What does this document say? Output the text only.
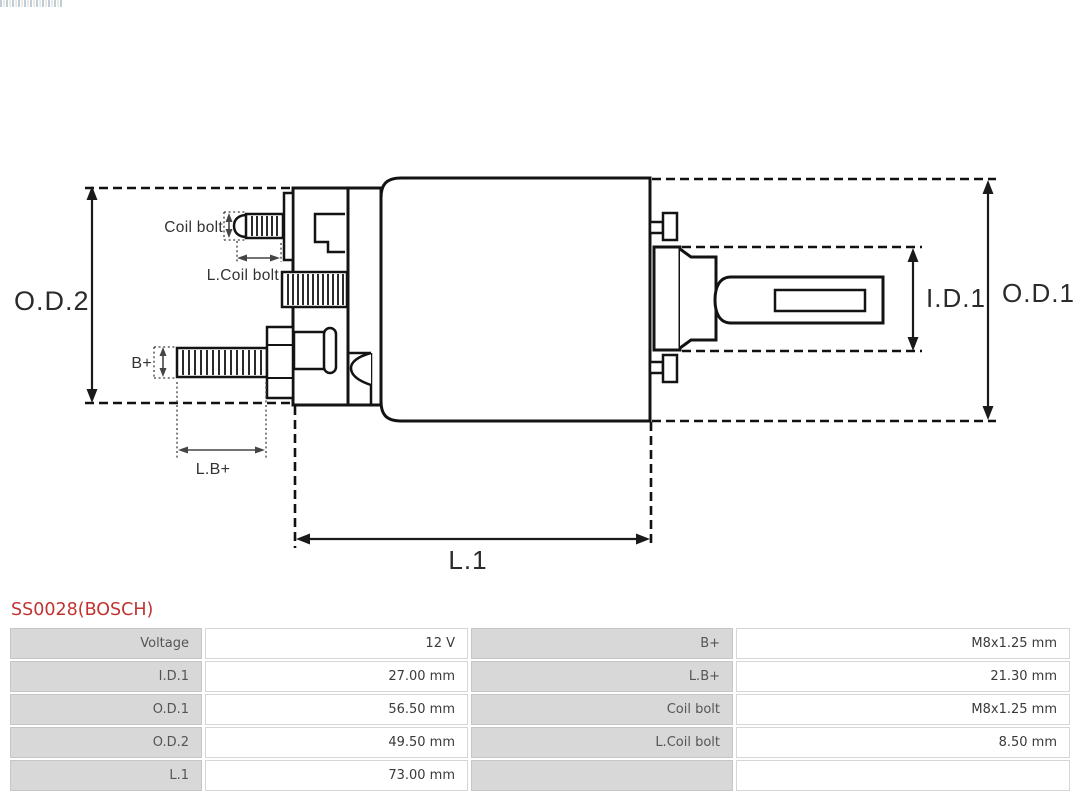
O.D.2	O.D.1
I.D.1
L.1
Coil bolt
L.Coil bolt
B+
L.B+
SS0028(BOSCH)
Voltage	12 V	B+	M8x1.25 mm
I.D.1	27.00 mm	L.B+	21.30 mm
O.D.1	56.50 mm	Coil bolt	M8x1.25 mm
O.D.2	49.50 mm	L.Coil bolt	8.50 mm
L.1	73.00 mm
